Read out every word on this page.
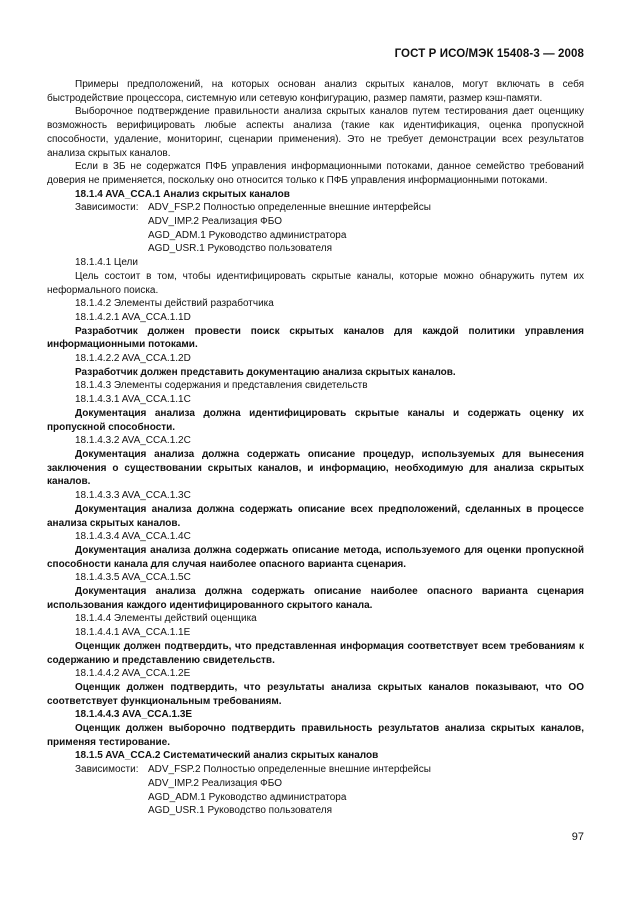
ГОСТ Р ИСО/МЭК 15408-3 — 2008

Примеры предположений, на которых основан анализ скрытых каналов, могут включать в себя быстродействие процессора, системную или сетевую конфигурацию, размер памяти, размер кэш-памяти.

Выборочное подтверждение правильности анализа скрытых каналов путем тестирования дает оценщику возможность верифицировать любые аспекты анализа (такие как идентификация, оценка пропускной способности, удаление, мониторинг, сценарии применения). Это не требует демонстрации всех результатов анализа скрытых каналов.

Если в ЗБ не содержатся ПФБ управления информационными потоками, данное семейство требований доверия не применяется, поскольку оно относится только к ПФБ управления информационными потоками.

18.1.4 AVA_CCA.1 Анализ скрытых каналов

Зависимости: ADV_FSP.2 Полностью определенные внешние интерфейсы

ADV_IMP.2 Реализация ФБО

AGD_ADM.1 Руководство администратора

AGD_USR.1 Руководство пользователя

18.1.4.1 Цели

Цель состоит в том, чтобы идентифицировать скрытые каналы, которые можно обнаружить путем их неформального поиска.

18.1.4.2 Элементы действий разработчика

18.1.4.2.1 AVA_CCA.1.1D

Разработчик должен провести поиск скрытых каналов для каждой политики управления информационными потоками.

18.1.4.2.2 AVA_CCA.1.2D

Разработчик должен представить документацию анализа скрытых каналов.

18.1.4.3 Элементы содержания и представления свидетельств

18.1.4.3.1 AVA_CCA.1.1C

Документация анализа должна идентифицировать скрытые каналы и содержать оценку их пропускной способности.

18.1.4.3.2 AVA_CCA.1.2C

Документация анализа должна содержать описание процедур, используемых для вынесения заключения о существовании скрытых каналов, и информацию, необходимую для анализа скрытых каналов.

18.1.4.3.3 AVA_CCA.1.3C

Документация анализа должна содержать описание всех предположений, сделанных в процессе анализа скрытых каналов.

18.1.4.3.4 AVA_CCA.1.4C

Документация анализа должна содержать описание метода, используемого для оценки пропускной способности канала для случая наиболее опасного варианта сценария.

18.1.4.3.5 AVA_CCA.1.5C

Документация анализа должна содержать описание наиболее опасного варианта сценария использования каждого идентифицированного скрытого канала.

18.1.4.4 Элементы действий оценщика

18.1.4.4.1 AVA_CCA.1.1E

Оценщик должен подтвердить, что представленная информация соответствует всем требованиям к содержанию и представлению свидетельств.

18.1.4.4.2 AVA_CCA.1.2E

Оценщик должен подтвердить, что результаты анализа скрытых каналов показывают, что ОО соответствует функциональным требованиям.

18.1.4.4.3 AVA_CCA.1.3E

Оценщик должен выборочно подтвердить правильность результатов анализа скрытых каналов, применяя тестирование.

18.1.5 AVA_CCA.2 Систематический анализ скрытых каналов

Зависимости: ADV_FSP.2 Полностью определенные внешние интерфейсы

ADV_IMP.2 Реализация ФБО

AGD_ADM.1 Руководство администратора

AGD_USR.1 Руководство пользователя

97
